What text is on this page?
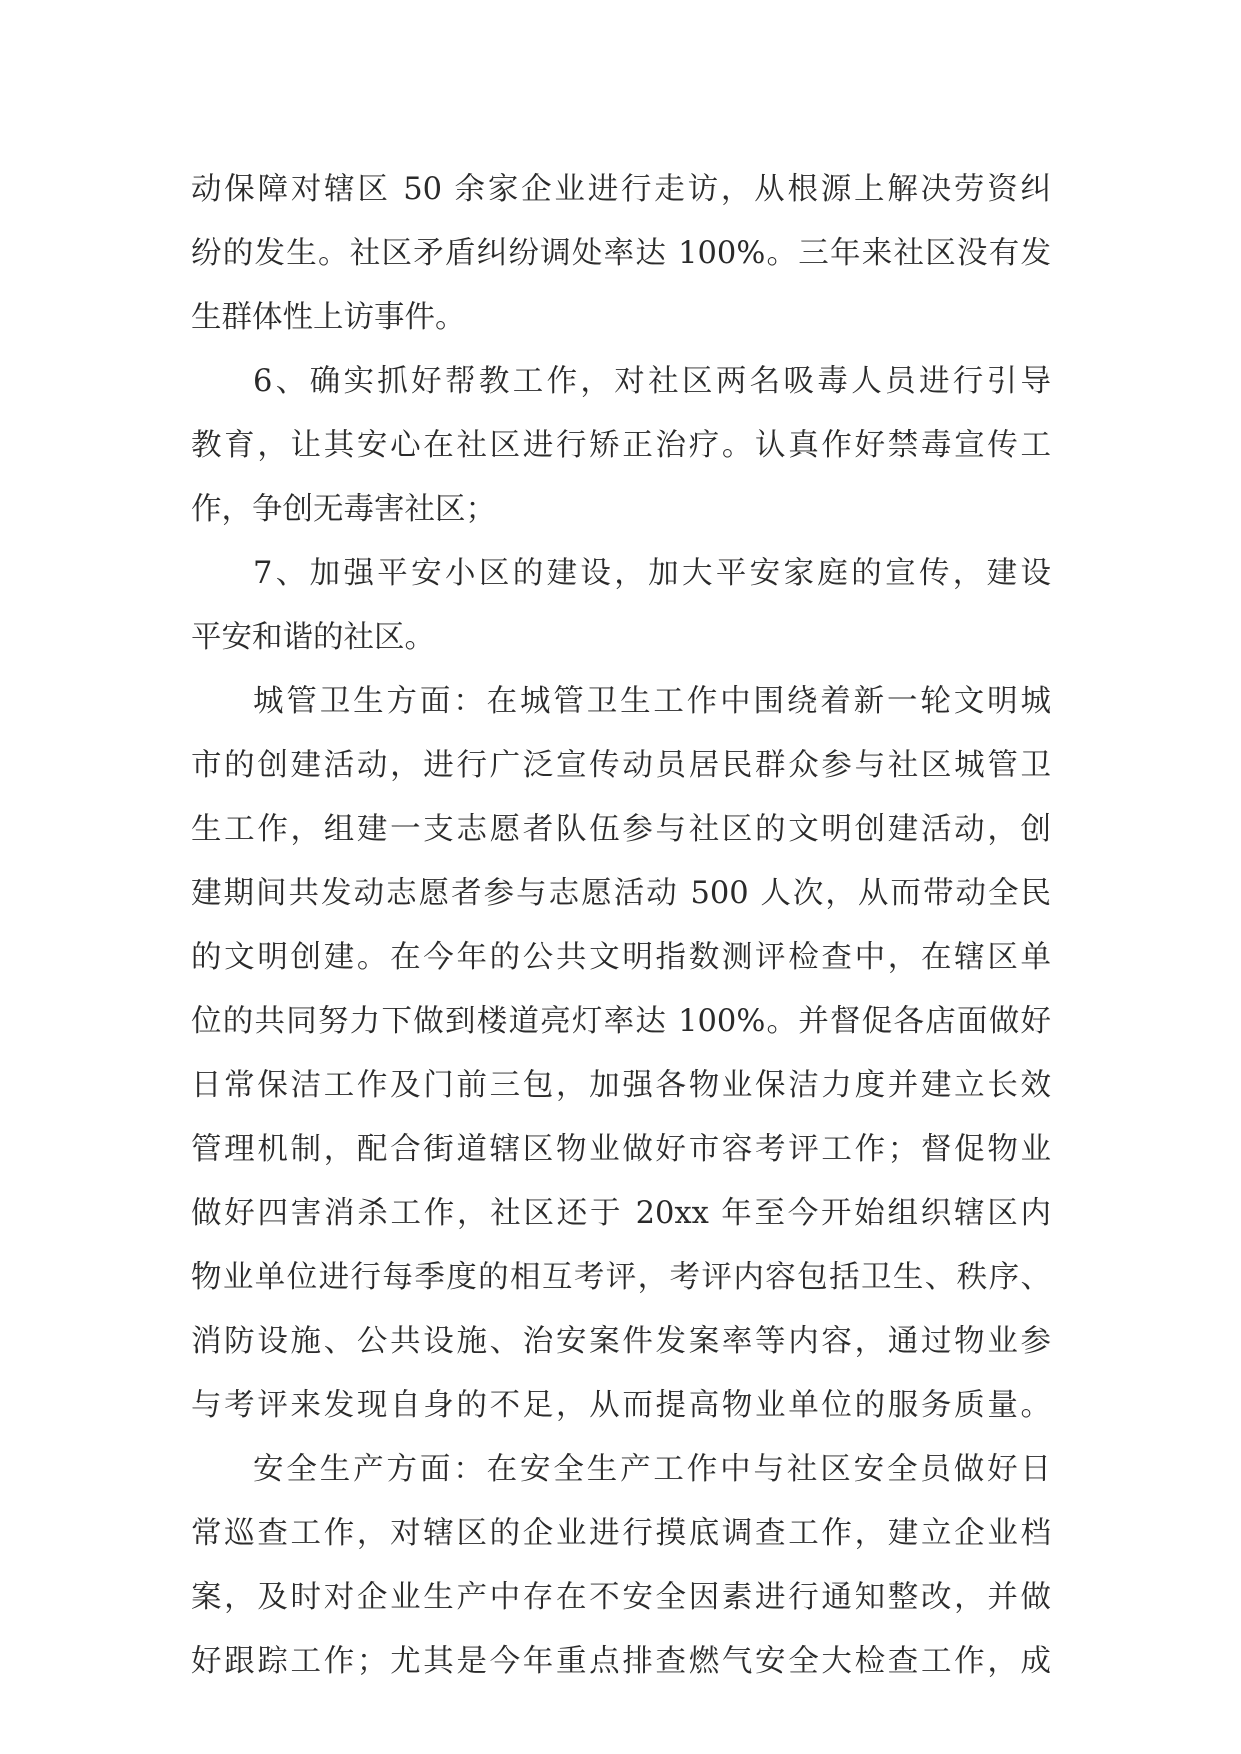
动保障对辖区 50 余家企业进行走访，从根源上解决劳资纠
纷的发生。社区矛盾纠纷调处率达 100%。三年来社区没有发
生群体性上访事件。
6、确实抓好帮教工作，对社区两名吸毒人员进行引导
教育，让其安心在社区进行矫正治疗。认真作好禁毒宣传工
作，争创无毒害社区；
7、加强平安小区的建设，加大平安家庭的宣传，建设
平安和谐的社区。
城管卫生方面：在城管卫生工作中围绕着新一轮文明城
市的创建活动，进行广泛宣传动员居民群众参与社区城管卫
生工作，组建一支志愿者队伍参与社区的文明创建活动，创
建期间共发动志愿者参与志愿活动 500 人次，从而带动全民
的文明创建。在今年的公共文明指数测评检查中，在辖区单
位的共同努力下做到楼道亮灯率达 100%。并督促各店面做好
日常保洁工作及门前三包，加强各物业保洁力度并建立长效
管理机制，配合街道辖区物业做好市容考评工作；督促物业
做好四害消杀工作，社区还于 20xx 年至今开始组织辖区内
物业单位进行每季度的相互考评，考评内容包括卫生、秩序、
消防设施、公共设施、治安案件发案率等内容，通过物业参
与考评来发现自身的不足，从而提高物业单位的服务质量。
安全生产方面：在安全生产工作中与社区安全员做好日
常巡查工作，对辖区的企业进行摸底调查工作，建立企业档
案，及时对企业生产中存在不安全因素进行通知整改，并做
好跟踪工作；尤其是今年重点排查燃气安全大检查工作，成
